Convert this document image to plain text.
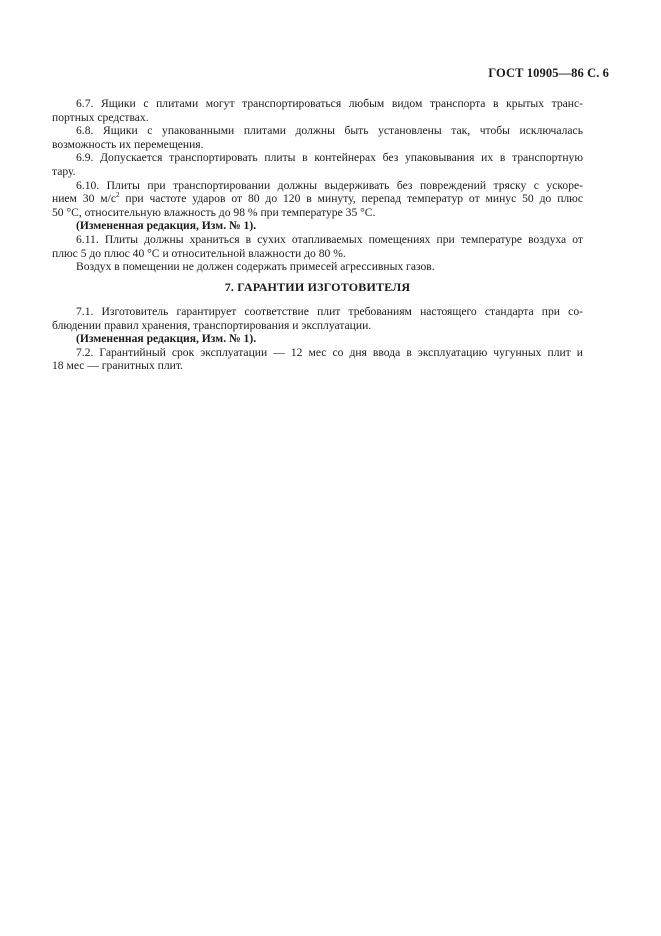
ГОСТ 10905—86 С. 6
6.7. Ящики с плитами могут транспортироваться любым видом транспорта в крытых транс-
портных средствах.
6.8. Ящики с упакованными плитами должны быть установлены так, чтобы исключалась
возможность их перемещения.
6.9. Допускается транспортировать плиты в контейнерах без упаковывания их в транспортную
тару.
6.10. Плиты при транспортировании должны выдерживать без повреждений тряску с ускоре-
нием 30 $м/с^2$ при частоте ударов от 80 до 120 в минуту, перепад температур от минус 50 до плюс
50 °С, относительную влажность до 98 % при температуре 35 °С.
(Измененная редакция, Изм. № 1).
6.11. Плиты должны храниться в сухих отапливаемых помещениях при температуре воздуха от
плюс 5 до плюс 40 °С и относительной влажности до 80 %.
Воздух в помещении не должен содержать примесей агрессивных газов.
7. ГАРАНТИИ ИЗГОТОВИТЕЛЯ
7.1. Изготовитель гарантирует соответствие плит требованиям настоящего стандарта при со-
блюдении правил хранения, транспортирования и эксплуатации.
(Измененная редакция, Изм. № 1).
7.2. Гарантийный срок эксплуатации — 12 мес со дня ввода в эксплуатацию чугунных плит и
18 мес — гранитных плит.
